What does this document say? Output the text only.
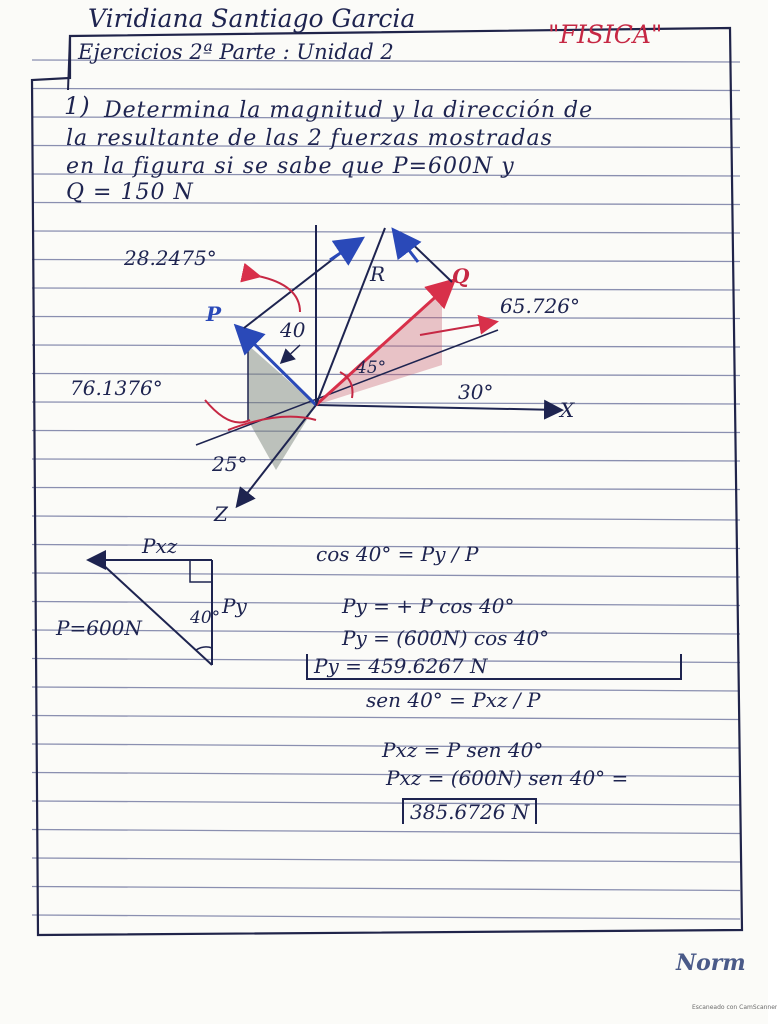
Viridiana Santiago Garcia
"FISICA"
Ejercicios 2ª Parte : Unidad 2
1) Determina la magnitud y la dirección de
la resultante de las 2 fuerzas mostradas
en la figura si se sabe que P=600N y
Q = 150 N
28.2475°
65.726°
76.1376°
P
Q
R
40
30°
45°
25°
X
Z
Pxz
P=600N	40° Py
cos 40° = Py / P
Py = + P cos 40°
Py = (600N) cos 40°
Py = 459.6267 N
sen 40° = Pxz / P
Pxz = P sen 40°
Pxz = (600N) sen 40° =
385.6726 N
Norm
Escaneado con CamScanner
